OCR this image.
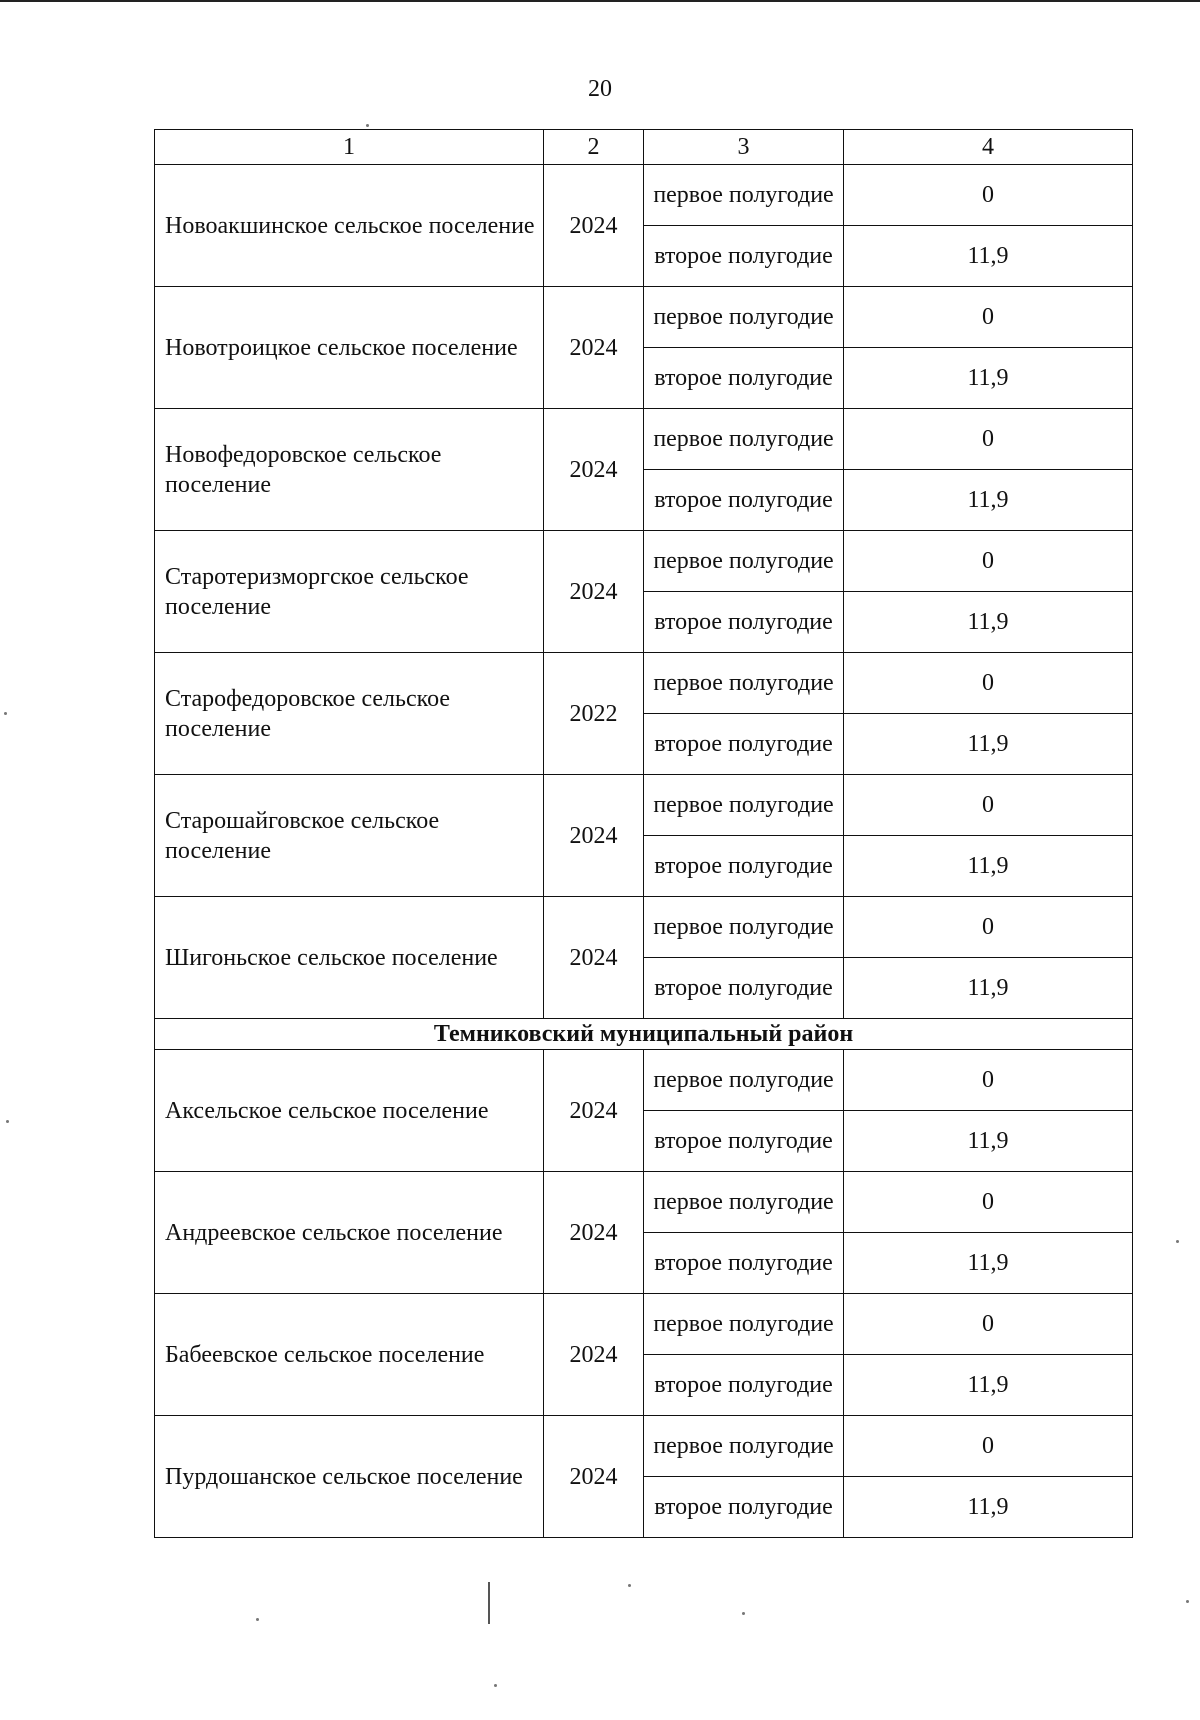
20
1	2	3	4
Новоакшинское сельское поселение	2024	первое полугодие	0
		второе полугодие	11,9
Новотроицкое сельское поселение	2024	первое полугодие	0
		второе полугодие	11,9
Новофедоровское сельское поселение	2024	первое полугодие	0
		второе полугодие	11,9
Старотеризморгское сельское поселение	2024	первое полугодие	0
		второе полугодие	11,9
Старофедоровское сельское поселение	2022	первое полугодие	0
		второе полугодие	11,9
Старошайговское сельское поселение	2024	первое полугодие	0
		второе полугодие	11,9
Шигоньское сельское поселение	2024	первое полугодие	0
		второе полугодие	11,9
Темниковский муниципальный район			
Аксельское сельское поселение	2024	первое полугодие	0
		второе полугодие	11,9
Андреевское сельское поселение	2024	первое полугодие	0
		второе полугодие	11,9
Бабеевское сельское поселение	2024	первое полугодие	0
		второе полугодие	11,9
Пурдошанское сельское поселение	2024	первое полугодие	0
		второе полугодие	11,9
